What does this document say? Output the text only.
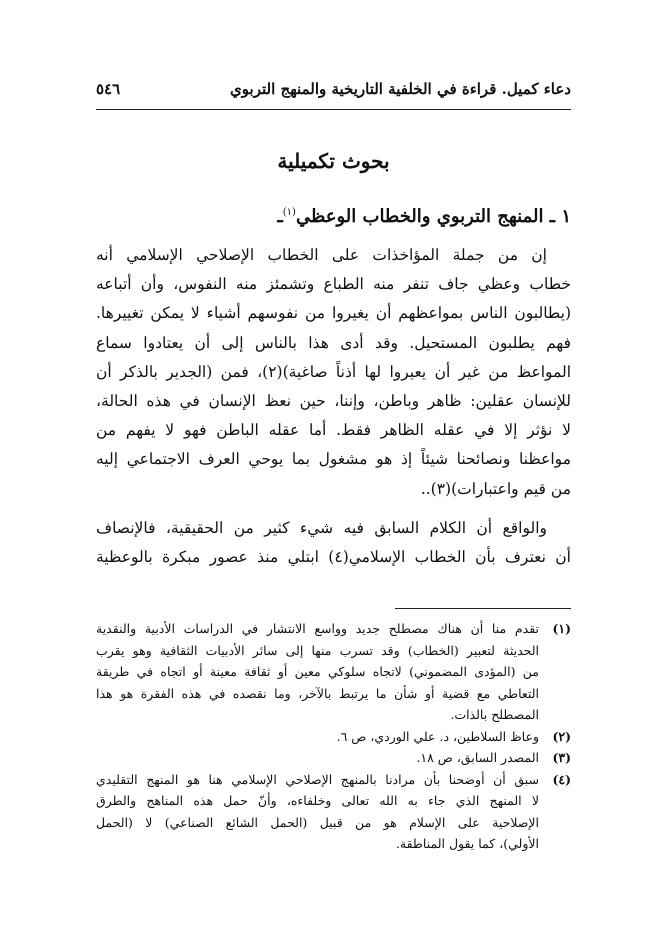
دعاء كميل. قراءة في الخلفية التاريخية والمنهج التربوي
٥٤٦
بحوث تكميلية
١ ـ المنهج التربوي والخطاب الوعظي$^{(١)}$ـ

إن من جملة المؤاخذات على الخطاب الإصلاحي الإسلامي أنه
خطاب وعظي جاف تنفر منه الطباع وتشمئز منه النفوس، وأن أتباعه
(يطالبون الناس بمواعظهم أن يغيروا من نفوسهم أشياء لا يمكن تغييرها.
فهم يطلبون المستحيل. وقد أدى هذا بالناس إلى أن يعتادوا سماع
المواعظ من غير أن يعيروا لها أذناً صاغية)(٢)، فمن (الجدير بالذكر أن
للإنسان عقلين: ظاهر وباطن، وإننا، حين نعظ الإنسان في هذه الحالة،
لا نؤثر إلا في عقله الظاهر فقط. أما عقله الباطن فهو لا يفهم من
مواعظنا ونصائحنا شيئاً إذ هو مشغول بما يوحي العرف الاجتماعي إليه
من قيم واعتبارات)(٣)..

والواقع أن الكلام السابق فيه شيء كثير من الحقيقية، فالإنصاف
أن نعترف بأن الخطاب الإسلامي(٤) ابتلي منذ عصور مبكرة بالوعظية

(١)
تقدم منا أن هناك مصطلح جديد وواسع الانتشار في الدراسات الأدبية والنقدية
الحديثة لتعبير (الخطاب) وقد تسرب منها إلى سائر الأدبيات الثقافية وهو يقرب
من (المؤدى المضموني) لاتجاه سلوكي معين أو ثقافة معينة أو اتجاه في طريقة
التعاطي مع قضية أو شأن ما يرتبط بالآخر، وما نقصده في هذه الفقرة هو هذا
المصطلح بالذات.
(٢)
وعاظ السلاطين، د. علي الوردي، ص ٦.
(٣)
المصدر السابق، ص ١٨.
(٤)
سبق أن أوضحنا بأن مرادنا بالمنهج الإصلاحي الإسلامي هنا هو المنهج التقليدي
لا المنهج الذي جاء به الله تعالى وخلفاءه، وأنّ حمل هذه المناهج والطرق
الإصلاحية على الإسلام هو من قبيل (الحمل الشائع الصناعي) لا (الحمل
الأولي)، كما يقول المناطقة.
